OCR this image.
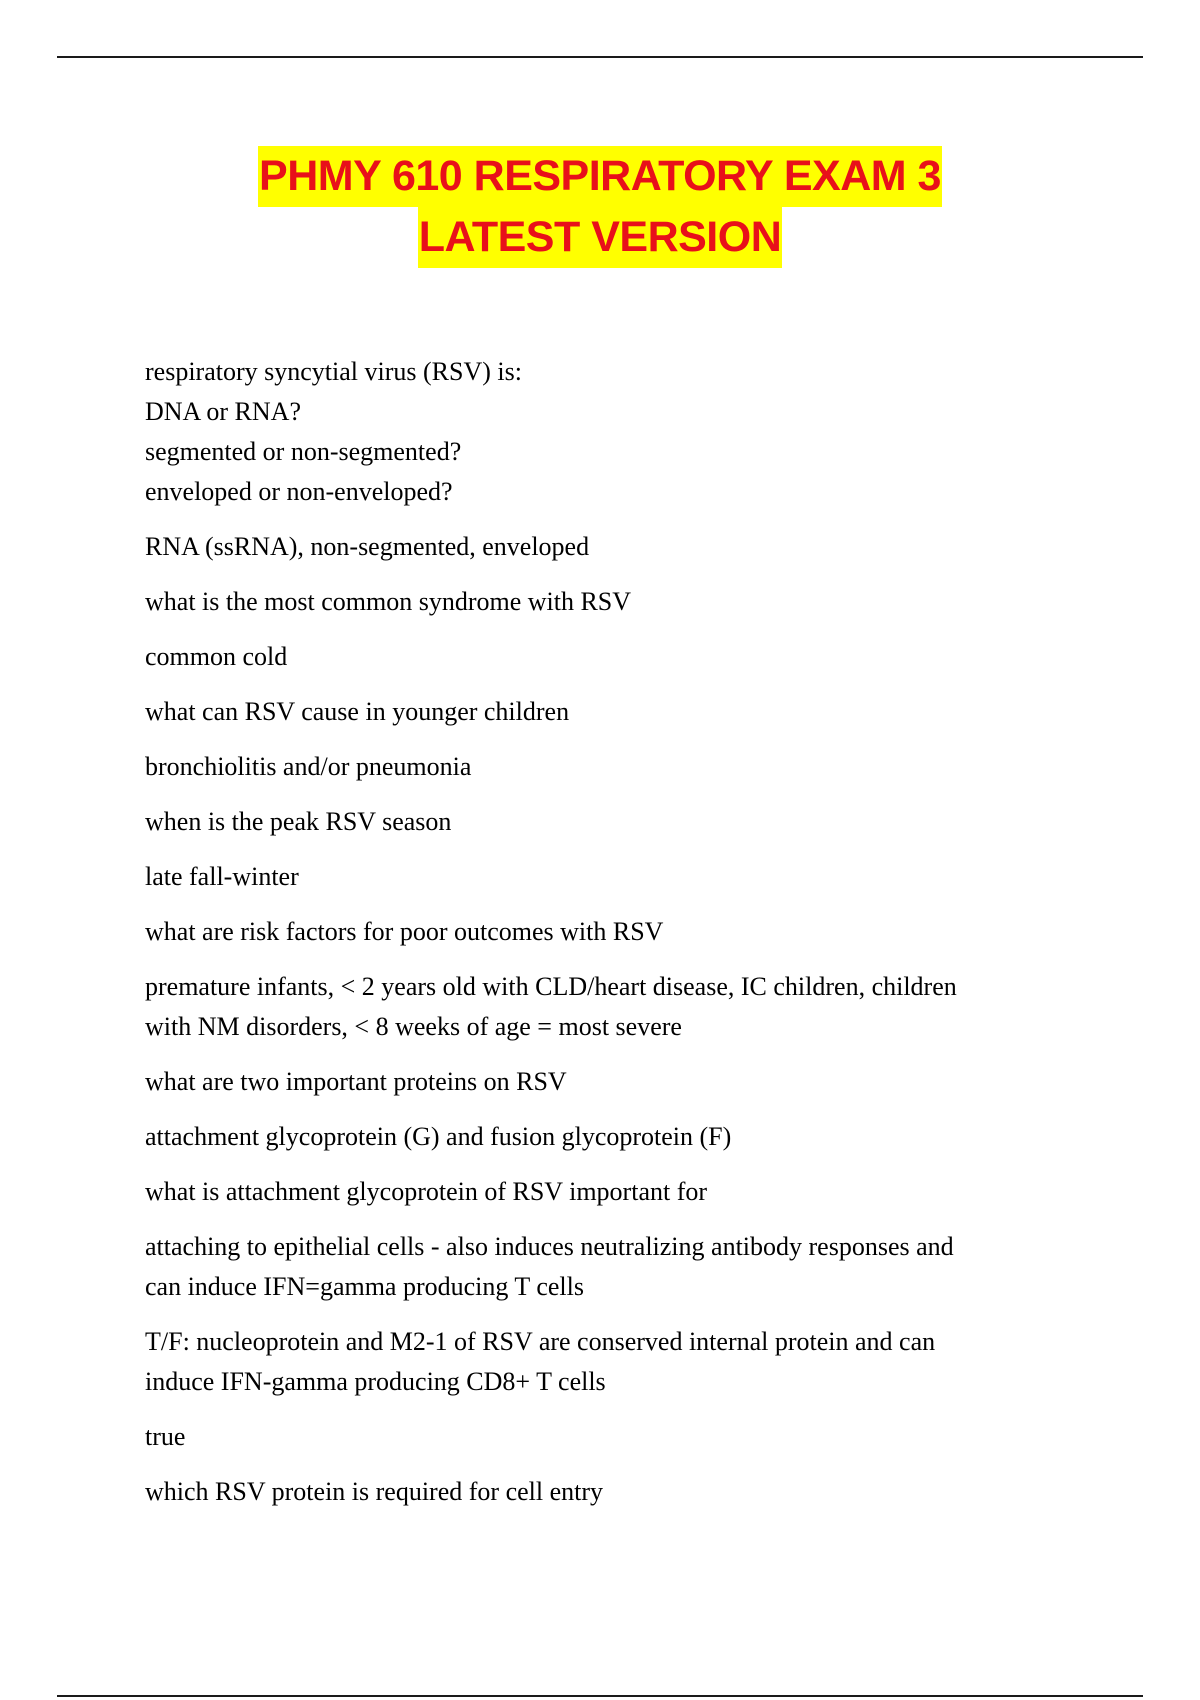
PHMY 610 RESPIRATORY EXAM 3
LATEST VERSION
respiratory syncytial virus (RSV) is:
DNA or RNA?
segmented or non-segmented?
enveloped or non-enveloped?
RNA (ssRNA), non-segmented, enveloped
what is the most common syndrome with RSV
common cold
what can RSV cause in younger children
bronchiolitis and/or pneumonia
when is the peak RSV season
late fall-winter
what are risk factors for poor outcomes with RSV
premature infants, < 2 years old with CLD/heart disease, IC children, children
with NM disorders, < 8 weeks of age = most severe
what are two important proteins on RSV
attachment glycoprotein (G) and fusion glycoprotein (F)
what is attachment glycoprotein of RSV important for
attaching to epithelial cells - also induces neutralizing antibody responses and
can induce IFN=gamma producing T cells
T/F: nucleoprotein and M2-1 of RSV are conserved internal protein and can
induce IFN-gamma producing CD8+ T cells
true
which RSV protein is required for cell entry
